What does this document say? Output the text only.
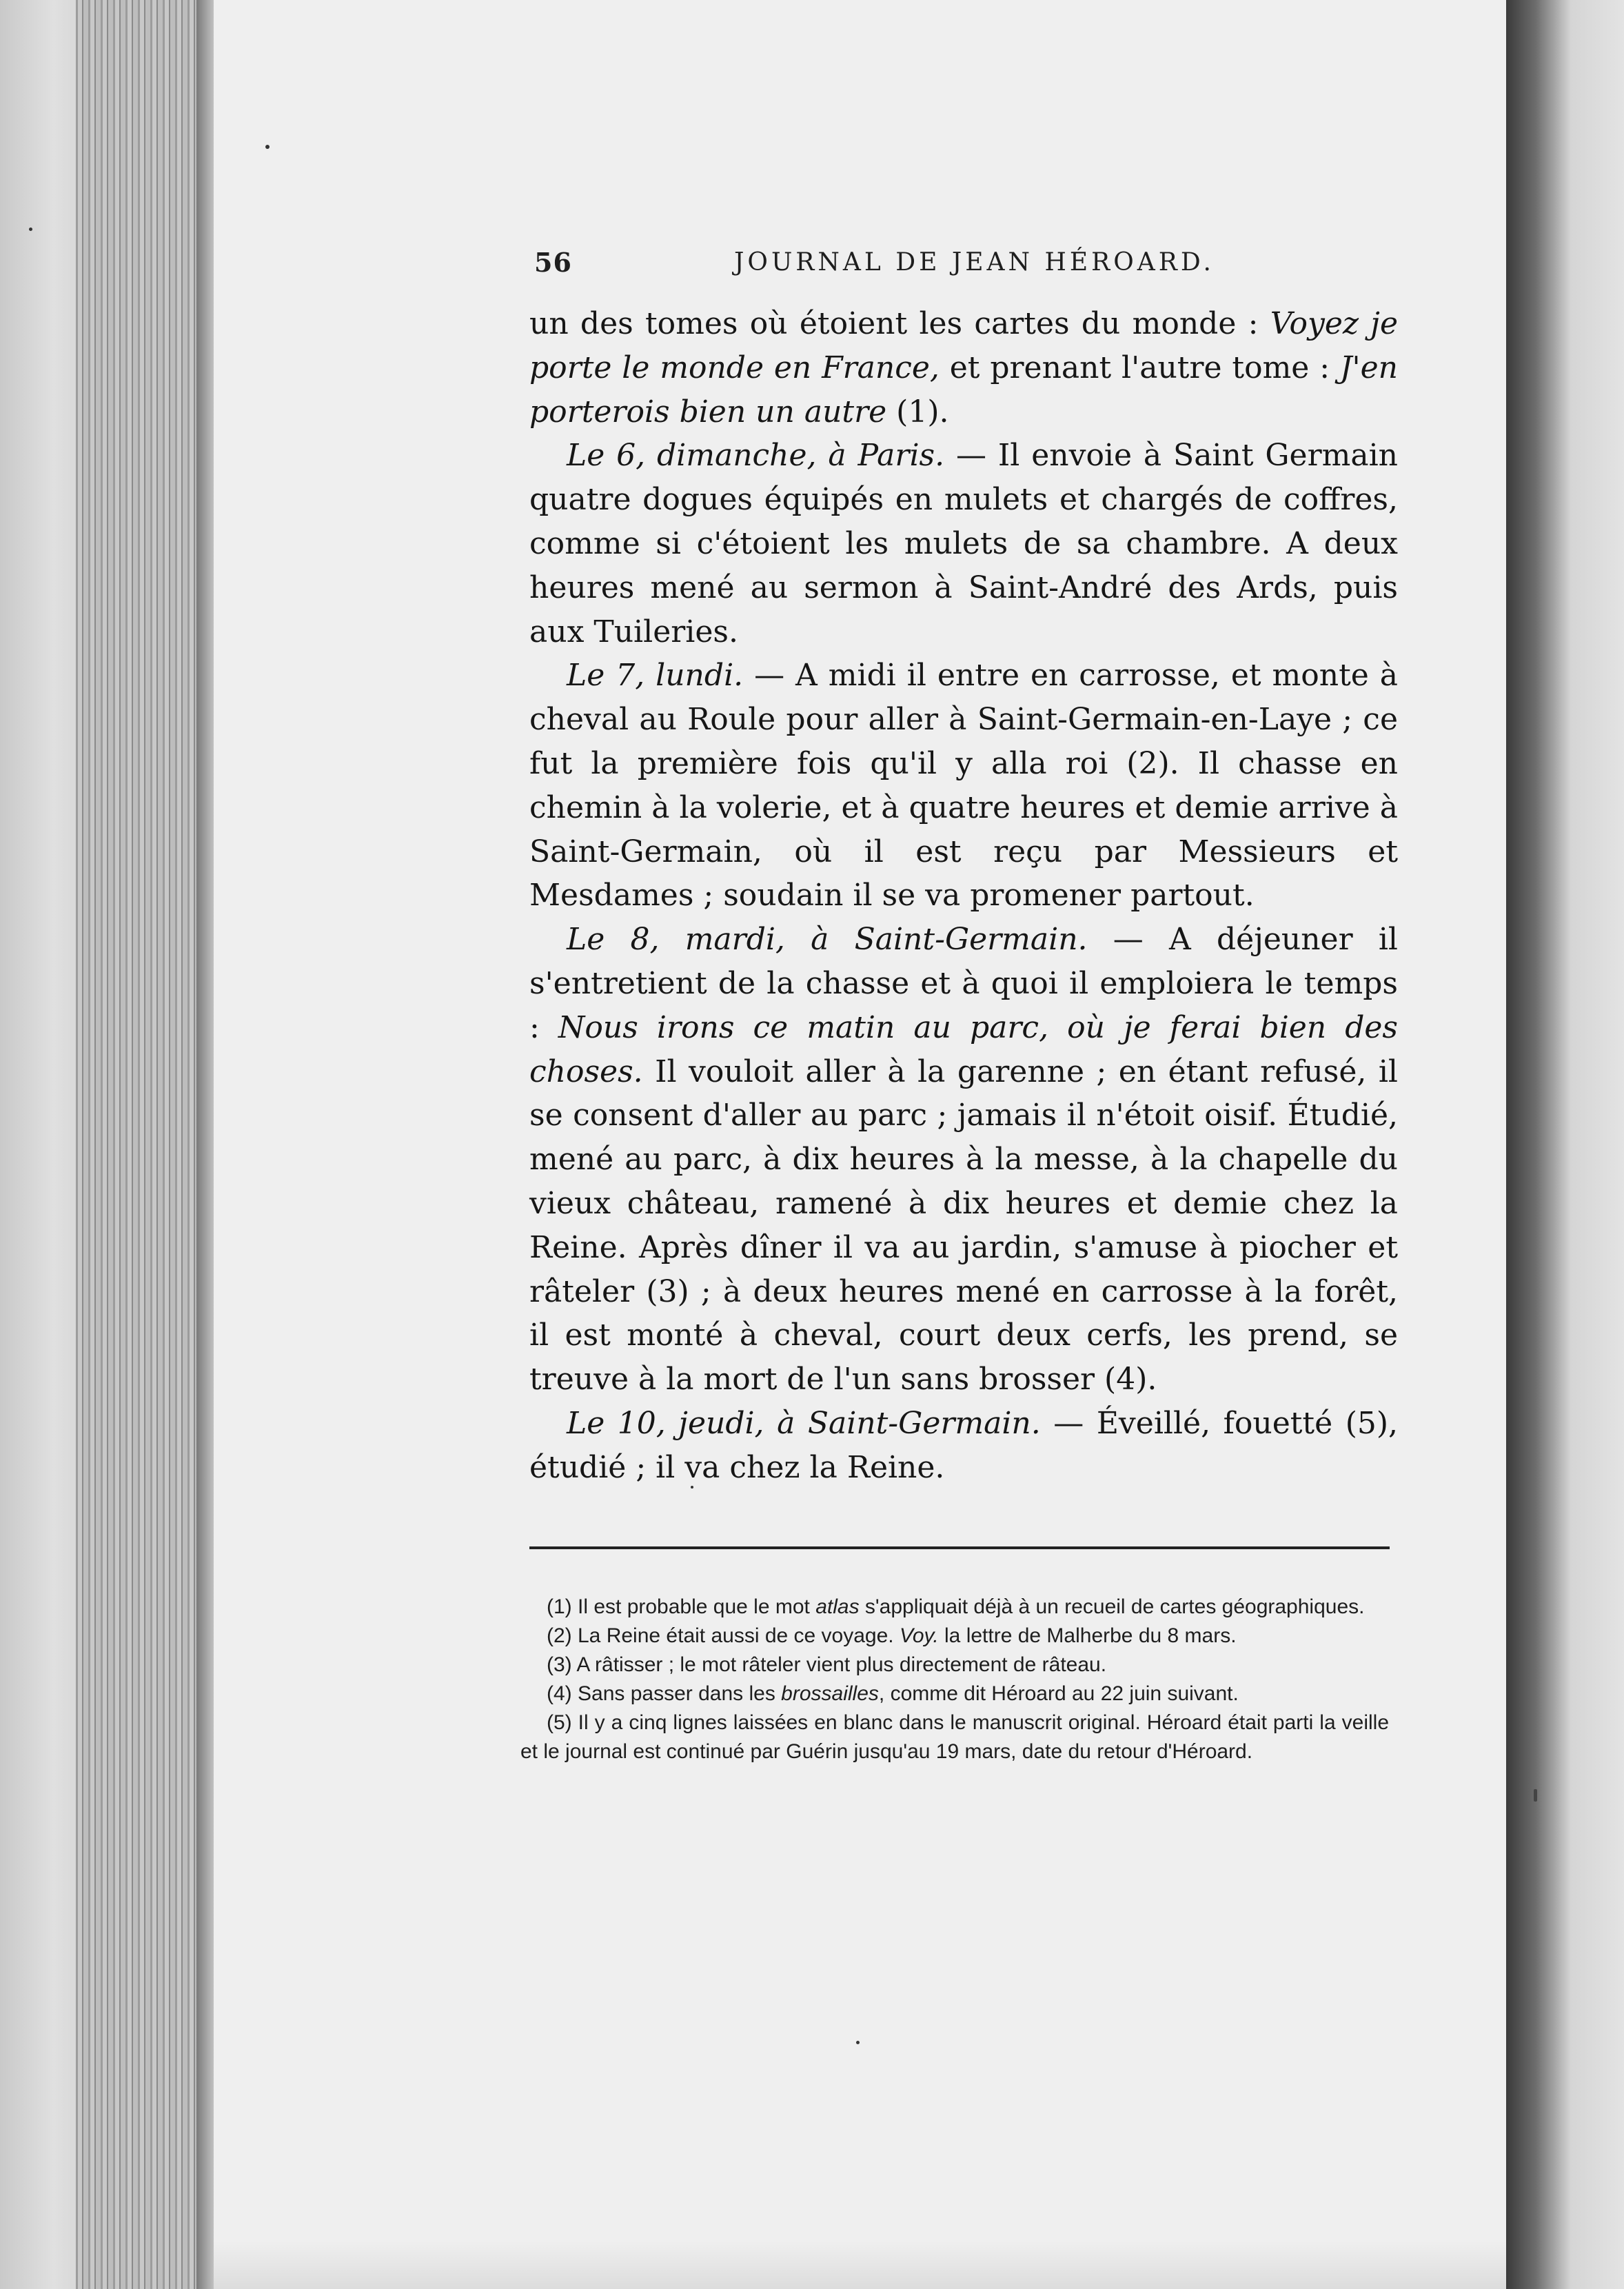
56	JOURNAL DE JEAN HÉROARD.

un des tomes où étoient les cartes du monde : Voyez je porte le monde en France, et prenant l'autre tome : J'en porterois bien un autre (1).

Le 6, dimanche, à Paris. — Il envoie à Saint Germain quatre dogues équipés en mulets et chargés de coffres, comme si c'étoient les mulets de sa chambre. A deux heures mené au sermon à Saint-André des Ards, puis aux Tuileries.

Le 7, lundi. — A midi il entre en carrosse, et monte à cheval au Roule pour aller à Saint-Germain-en-Laye ; ce fut la première fois qu'il y alla roi (2). Il chasse en chemin à la volerie, et à quatre heures et demie arrive à Saint-Germain, où il est reçu par Messieurs et Mesdames ; soudain il se va promener partout.

Le 8, mardi, à Saint-Germain. — A déjeuner il s'entretient de la chasse et à quoi il emploiera le temps : Nous irons ce matin au parc, où je ferai bien des choses. Il vouloit aller à la garenne ; en étant refusé, il se consent d'aller au parc ; jamais il n'étoit oisif. Étudié, mené au parc, à dix heures à la messe, à la chapelle du vieux château, ramené à dix heures et demie chez la Reine. Après dîner il va au jardin, s'amuse à piocher et râteler (3) ; à deux heures mené en carrosse à la forêt, il est monté à cheval, court deux cerfs, les prend, se treuve à la mort de l'un sans brosser (4).

Le 10, jeudi, à Saint-Germain. — Éveillé, fouetté (5), étudié ; il va chez la Reine.

(1) Il est probable que le mot atlas s'appliquait déjà à un recueil de cartes géographiques.

(2) La Reine était aussi de ce voyage. Voy. la lettre de Malherbe du 8 mars.

(3) A râtisser ; le mot râteler vient plus directement de râteau.

(4) Sans passer dans les brossailles, comme dit Héroard au 22 juin suivant.

(5) Il y a cinq lignes laissées en blanc dans le manuscrit original. Héroard était parti la veille et le journal est continué par Guérin jusqu'au 19 mars, date du retour d'Héroard.
